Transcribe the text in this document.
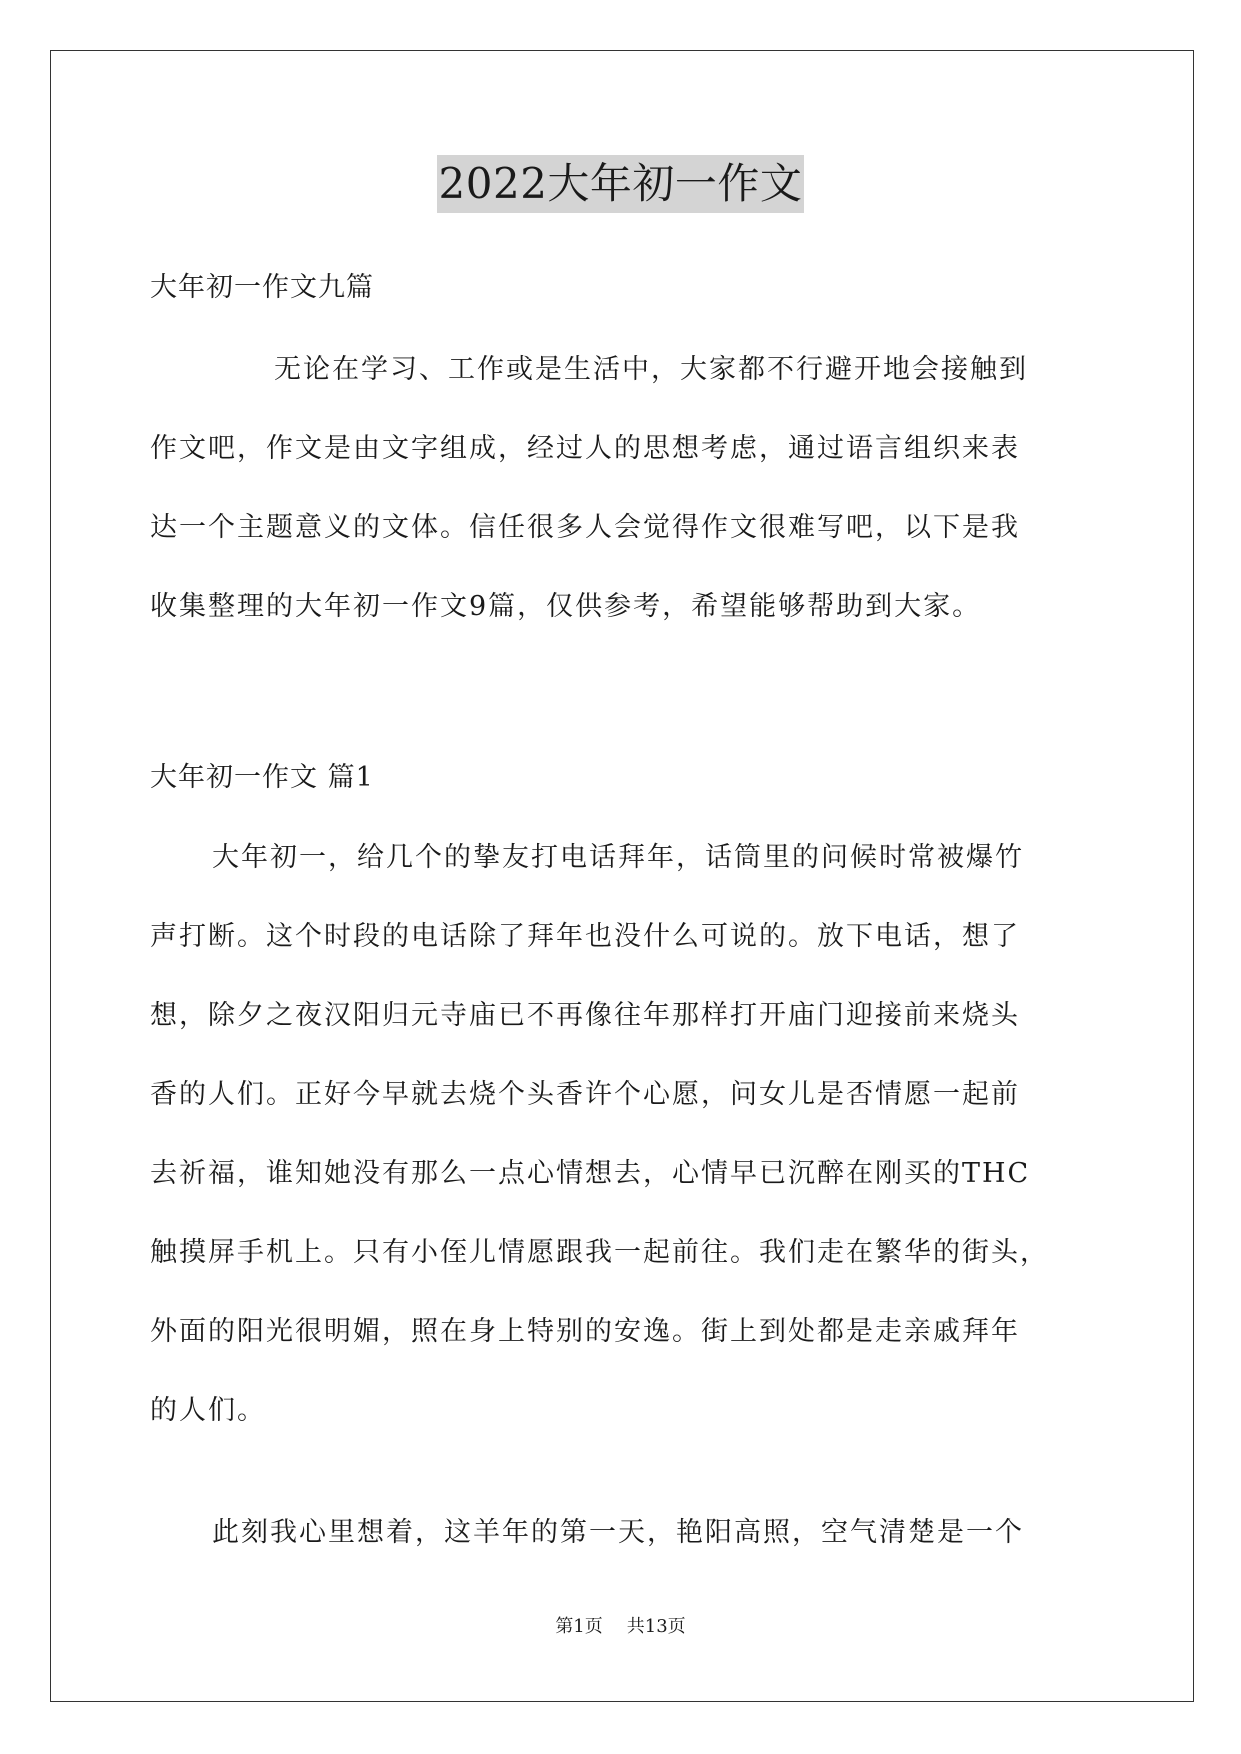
2022大年初一作文
大年初一作文九篇
无论在学习、工作或是生活中，大家都不行避开地会接触到
作文吧，作文是由文字组成，经过人的思想考虑，通过语言组织来表
达一个主题意义的文体。信任很多人会觉得作文很难写吧，以下是我
收集整理的大年初一作文9篇，仅供参考，希望能够帮助到大家。
大年初一作文 篇1
大年初一，给几个的挚友打电话拜年，话筒里的问候时常被爆竹
声打断。这个时段的电话除了拜年也没什么可说的。放下电话，想了
想，除夕之夜汉阳归元寺庙已不再像往年那样打开庙门迎接前来烧头
香的人们。正好今早就去烧个头香许个心愿，问女儿是否情愿一起前
去祈福，谁知她没有那么一点心情想去，心情早已沉醉在刚买的THC
触摸屏手机上。只有小侄儿情愿跟我一起前往。我们走在繁华的街头，
外面的阳光很明媚，照在身上特别的安逸。街上到处都是走亲戚拜年
的人们。
此刻我心里想着，这羊年的第一天，艳阳高照，空气清楚是一个
第1页 共13页
